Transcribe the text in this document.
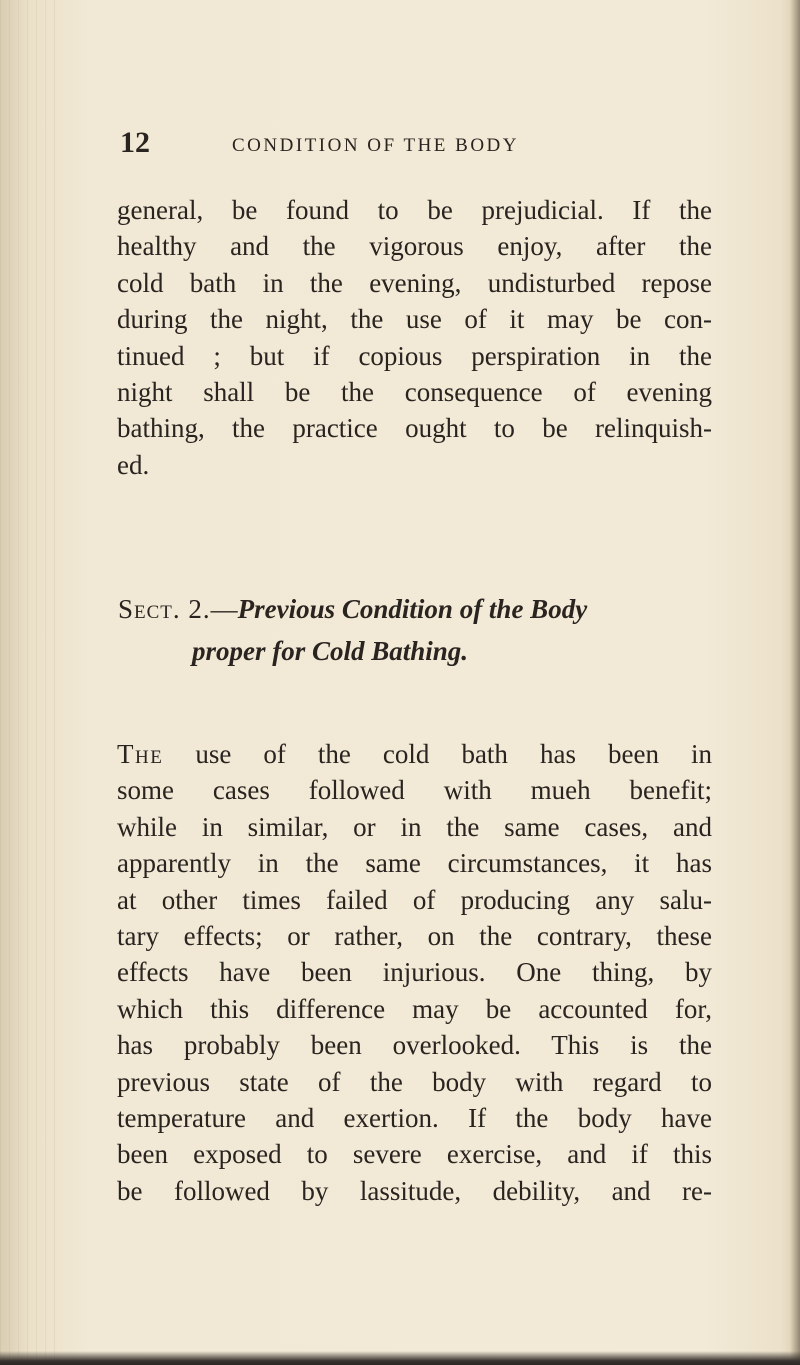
12	CONDITION OF THE BODY

general, be found to be prejudicial. If the
healthy and the vigorous enjoy, after the
cold bath in the evening, undisturbed repose
during the night, the use of it may be con-
tinued ; but if copious perspiration in the
night shall be the consequence of evening
bathing, the practice ought to be relinquish-
ed.

Sect. 2.—Previous Condition of the Body
proper for Cold Bathing.

The use of the cold bath has been in
some cases followed with mueh benefit;
while in similar, or in the same cases, and
apparently in the same circumstances, it has
at other times failed of producing any salu-
tary effects; or rather, on the contrary, these
effects have been injurious. One thing, by
which this difference may be accounted for,
has probably been overlooked. This is the
previous state of the body with regard to
temperature and exertion. If the body have
been exposed to severe exercise, and if this
be followed by lassitude, debility, and re-
